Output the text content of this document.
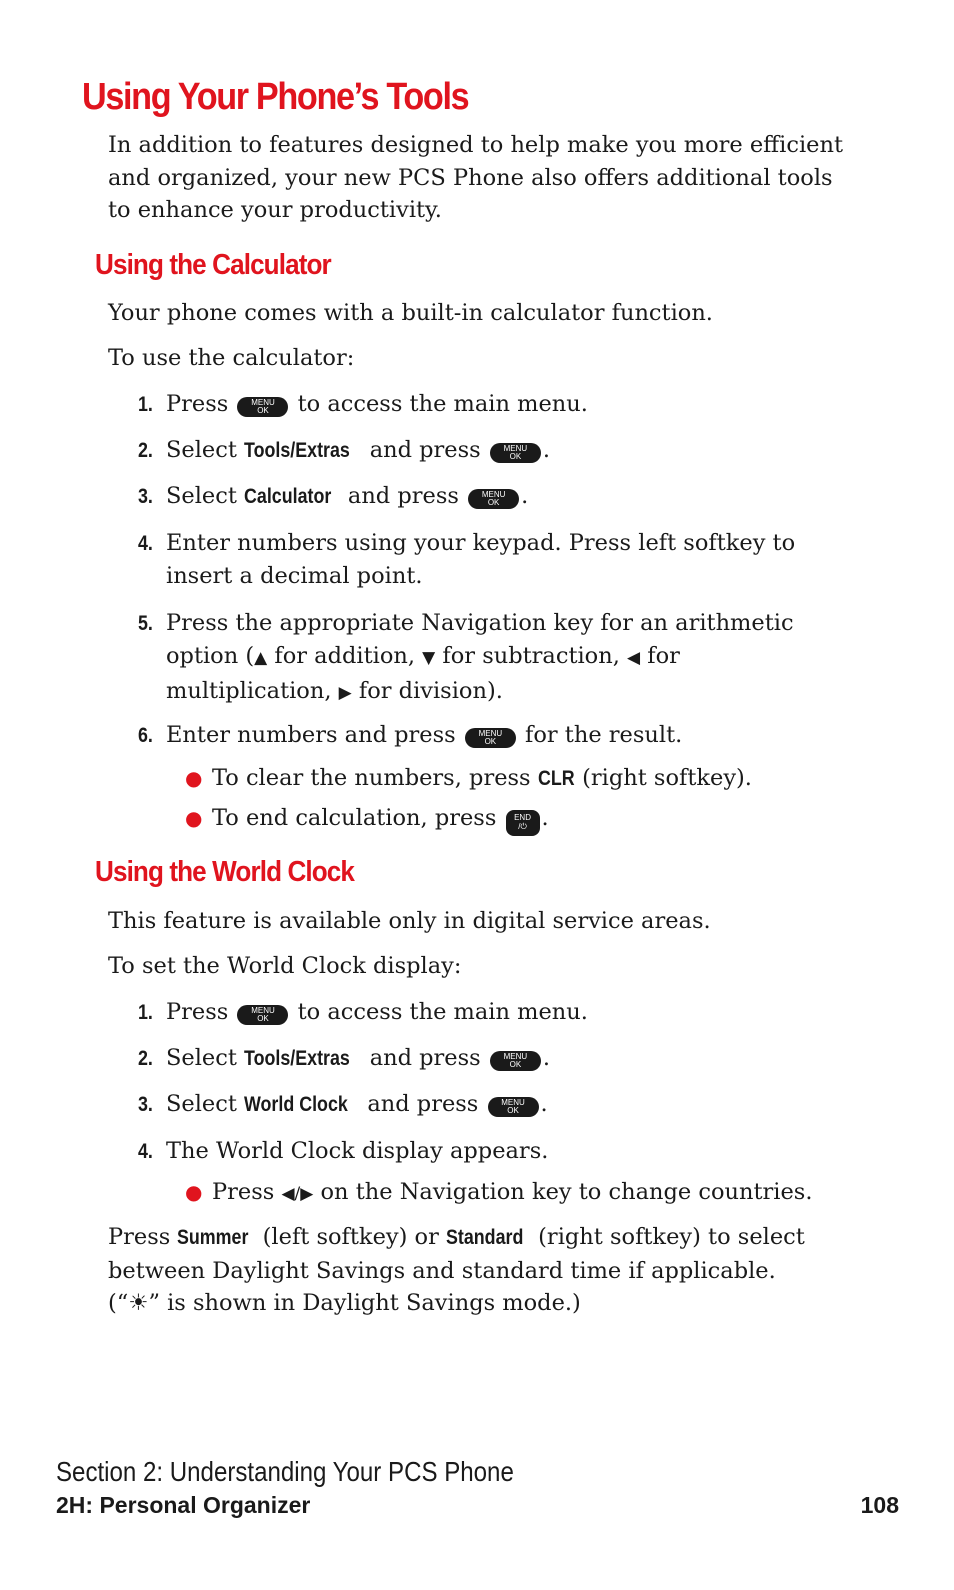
Using Your Phone’s Tools

In addition to features designed to help make you more efficient and organized, your new PCS Phone also offers additional tools to enhance your productivity.

Using the Calculator

Your phone comes with a built-in calculator function.

To use the calculator:

1. Press	MENU
OK	to access the main menu.
2. Select Tools/Extras and press	MENU
OK .
3. Select Calculator and press	MENU
OK .
4. Enter numbers using your keypad. Press left softkey to insert a decimal point.
5. Press the appropriate Navigation key for an arithmetic option (▲ for addition, ▼ for subtraction, ◀ for multiplication, ▶ for division).
6. Enter numbers and press	MENU
OK	for the result.
● To clear the numbers, press CLR (right softkey).
● To end calculation, press	END
/⏻ .
Using the World Clock

This feature is available only in digital service areas.

To set the World Clock display:

1. Press	MENU
OK	to access the main menu.
2. Select Tools/Extras and press	MENU
OK .
3. Select World Clock and press	MENU
OK .
4. The World Clock display appears.
● Press ◀/▶ on the Navigation key to change countries.

Press Summer (left softkey) or Standard (right softkey) to select between Daylight Savings and standard time if applicable. (“☀” is shown in Daylight Savings mode.)

Section 2: Understanding Your PCS Phone
2H: Personal Organizer	108
